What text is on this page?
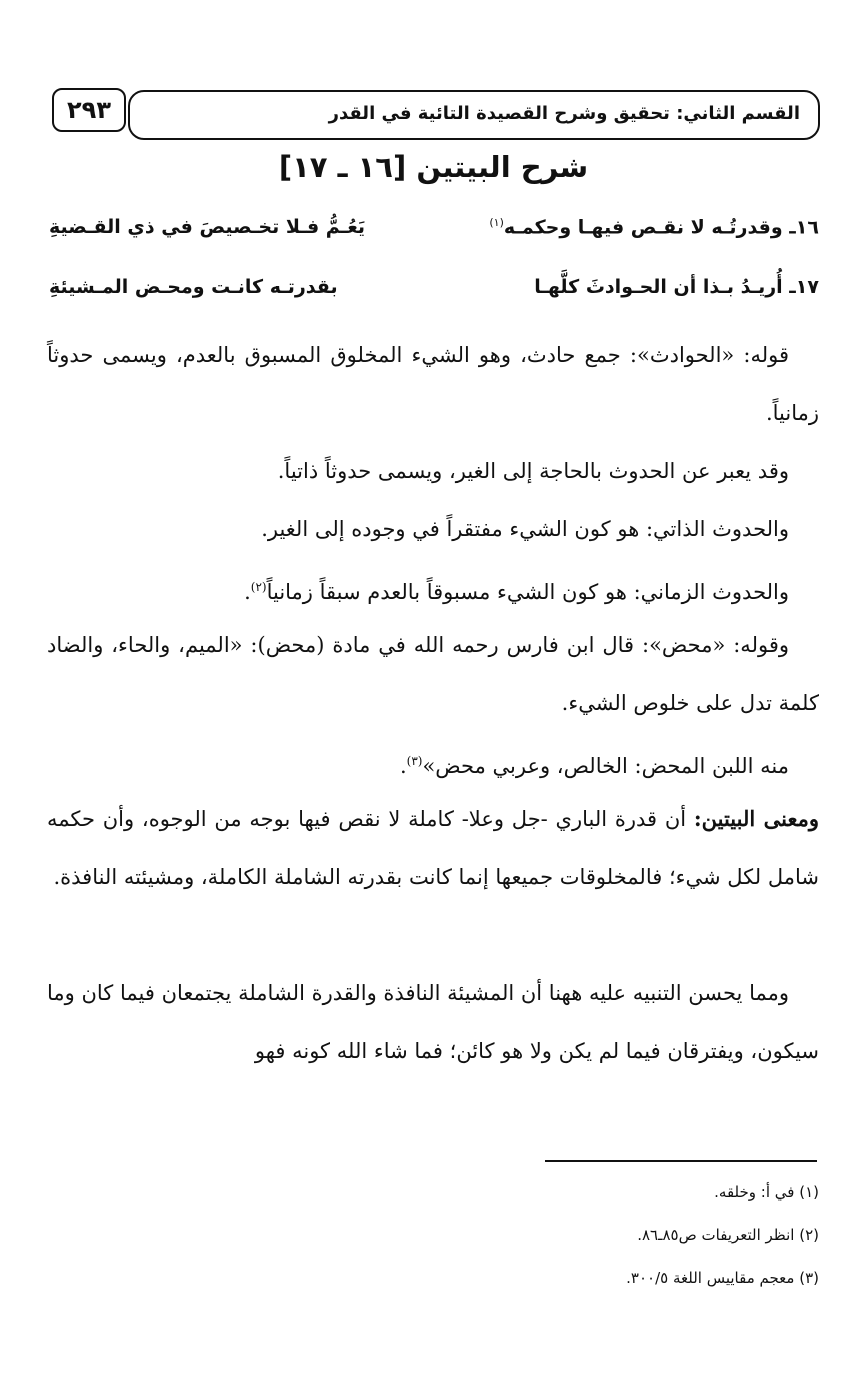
القسم الثاني: تحقيق وشرح القصيدة التائية في القدر
٢٩٣
شرح البيتين [١٦ ـ ١٧]
١٦ـ وقدرتُـه لا نقـص فيهـا وحكمـه$^{(١)}$
يَعُـمُّ فـلا تخـصيصَ في ذي القـضيةِ
١٧ـ أُريـدُ بـذا أن الحـوادثَ كلَّهـا
بقدرتـه كانـت ومحـض المـشيئةِ
قوله: «الحوادث»: جمع حادث، وهو الشيء المخلوق المسبوق بالعدم، ويسمى حدوثاً زمانياً.
وقد يعبر عن الحدوث بالحاجة إلى الغير، ويسمى حدوثاً ذاتياً.
والحدوث الذاتي: هو كون الشيء مفتقراً في وجوده إلى الغير.
والحدوث الزماني: هو كون الشيء مسبوقاً بالعدم سبقاً زمانياً$^{(٢)}$.
وقوله: «محض»: قال ابن فارس رحمه الله في مادة (محض): «الميم، والحاء، والضاد كلمة تدل على خلوص الشيء.
منه اللبن المحض: الخالص، وعربي محض»$^{(٣)}$.
ومعنى البيتين: أن قدرة الباري -جل وعلا- كاملة لا نقص فيها بوجه من الوجوه، وأن حكمه شامل لكل شيء؛ فالمخلوقات جميعها إنما كانت بقدرته الشاملة الكاملة، ومشيئته النافذة.
ومما يحسن التنبيه عليه ههنا أن المشيئة النافذة والقدرة الشاملة يجتمعان فيما كان وما سيكون، ويفترقان فيما لم يكن ولا هو كائن؛ فما شاء الله كونه فهو
(١) في أ: وخلقه.
(٢) انظر التعريفات ص٨٥ـ٨٦.
(٣) معجم مقاييس اللغة ٣٠٠/٥.
